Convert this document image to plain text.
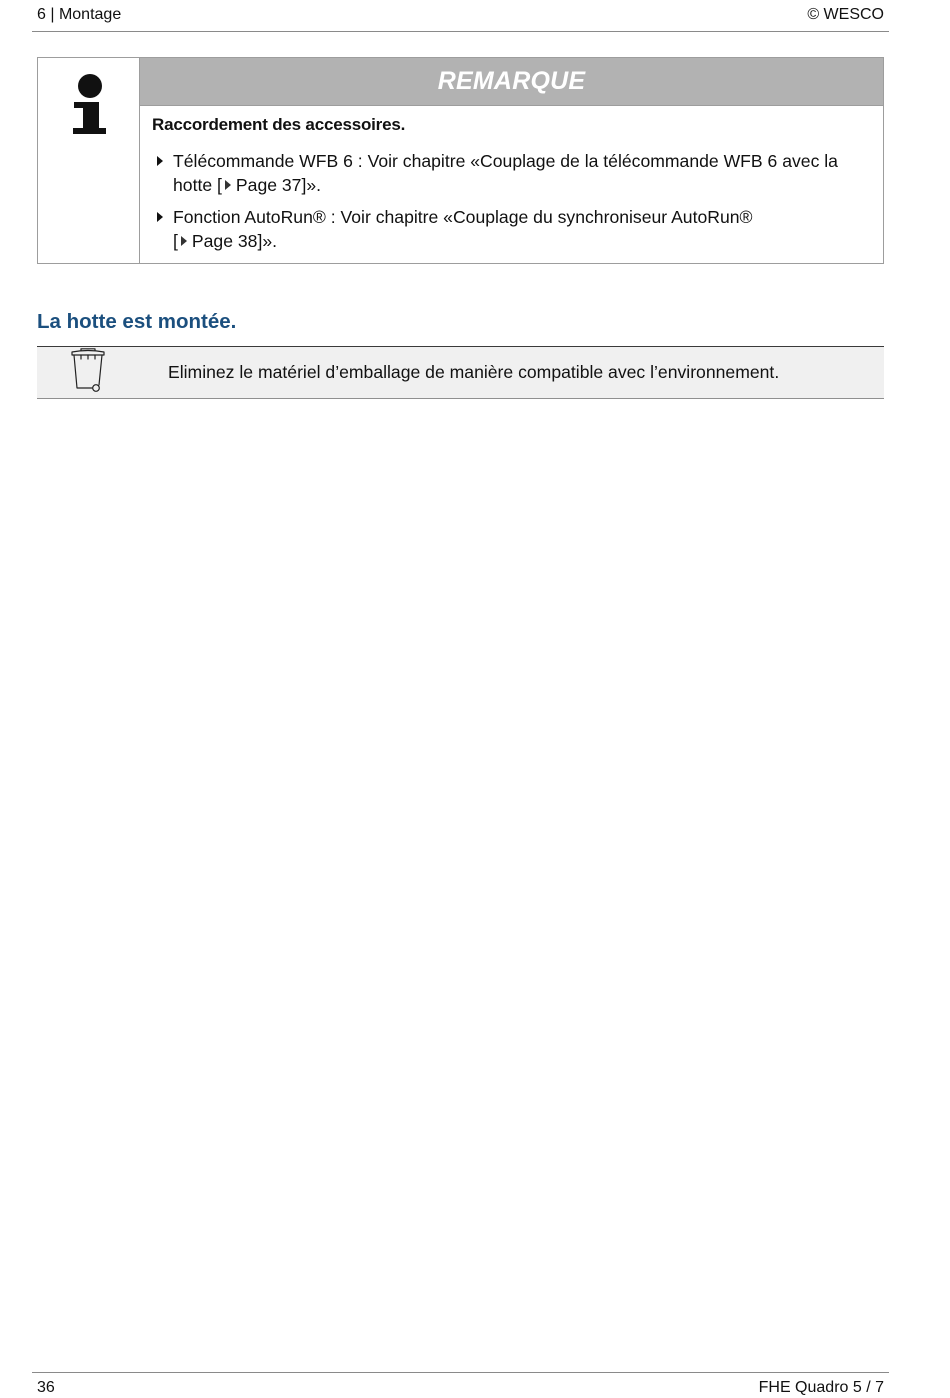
6 | Montage	© WESCO
REMARQUE
Raccordement des accessoires.
Télécommande WFB 6 : Voir chapitre «Couplage de la télécommande WFB 6 avec la
hotte [ Page 37]».
Fonction AutoRun® : Voir chapitre «Couplage du synchroniseur AutoRun®
[ Page 38]».
La hotte est montée.
Eliminez le matériel d’emballage de manière compatible avec l’environnement.
36	FHE Quadro 5 / 7
